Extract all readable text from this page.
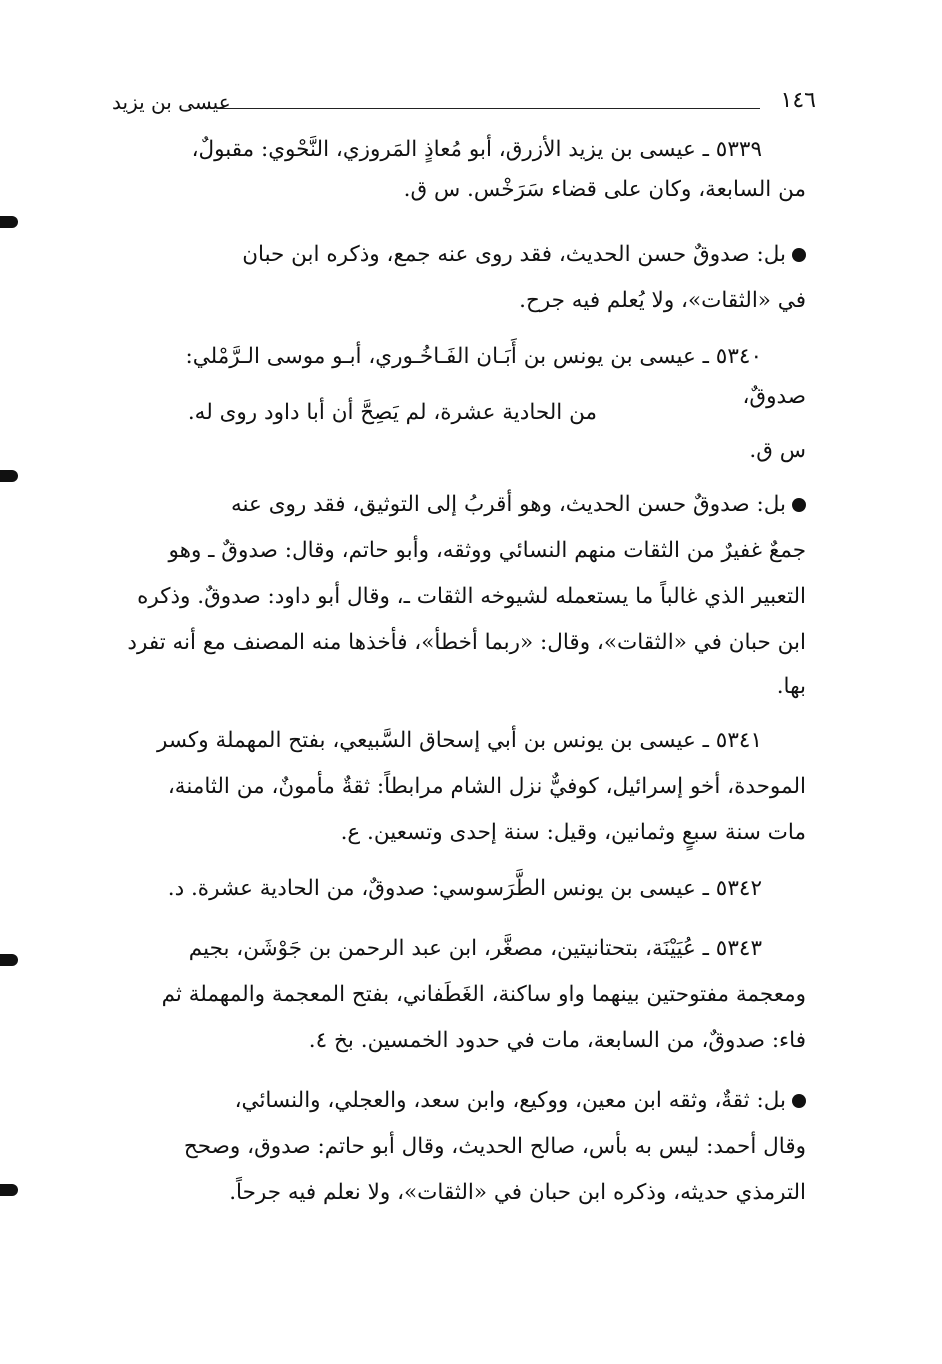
١٤٦
عيسى بن يزيد
٥٣٣٩ ـ عيسى بن يزيد الأزرق، أبو مُعاذٍ المَروزي، النَّحْوي: مقبولٌ،
من السابعة، وكان على قضاء سَرَخْس. س ق.
بل: صدوقٌ حسن الحديث، فقد روى عنه جمع، وذكره ابن حبان
في «الثقات»، ولا يُعلم فيه جرح.
٥٣٤٠ ـ عيسى بن يونس بن أَبَـان الفَـاخُـوري، أبـو موسى الـرَّمْلي:
صدوقٌ،
من الحادية عشرة، لم يَصِحَّ أن أبا داود روى له.
س ق.
بل: صدوقٌ حسن الحديث، وهو أقربُ إلى التوثيق، فقد روى عنه
جمعٌ غفيرٌ من الثقات منهم النسائي ووثقه، وأبو حاتم، وقال: صدوقٌ ـ وهو
التعبير الذي غالباً ما يستعمله لشيوخه الثقات ـ، وقال أبو داود: صدوقٌ. وذكره
ابن حبان في «الثقات»، وقال: «ربما أخطأ»، فأخذها منه المصنف مع أنه تفرد
بها.
٥٣٤١ ـ عيسى بن يونس بن أبي إسحاق السَّبيعي، بفتح المهملة وكسر
الموحدة، أخو إسرائيل، كوفيٌّ نزل الشام مرابطاً: ثقةٌ مأمونٌ، من الثامنة،
مات سنة سبعٍ وثمانين، وقيل: سنة إحدى وتسعين. ع.
٥٣٤٢ ـ عيسى بن يونس الطَّرَسوسي: صدوقٌ، من الحادية عشرة. د.
٥٣٤٣ ـ عُيَيْنَة، بتحتانيتين، مصغَّر، ابن عبد الرحمن بن جَوْشَن، بجيم
ومعجمة مفتوحتين بينهما واو ساكنة، الغَطَفاني، بفتح المعجمة والمهملة ثم
فاء: صدوقٌ، من السابعة، مات في حدود الخمسين. بخ ٤.
بل: ثقةٌ، وثقه ابن معين، ووكيع، وابن سعد، والعجلي، والنسائي،
وقال أحمد: ليس به بأس، صالح الحديث، وقال أبو حاتم: صدوق، وصحح
الترمذي حديثه، وذكره ابن حبان في «الثقات»، ولا نعلم فيه جرحاً.
